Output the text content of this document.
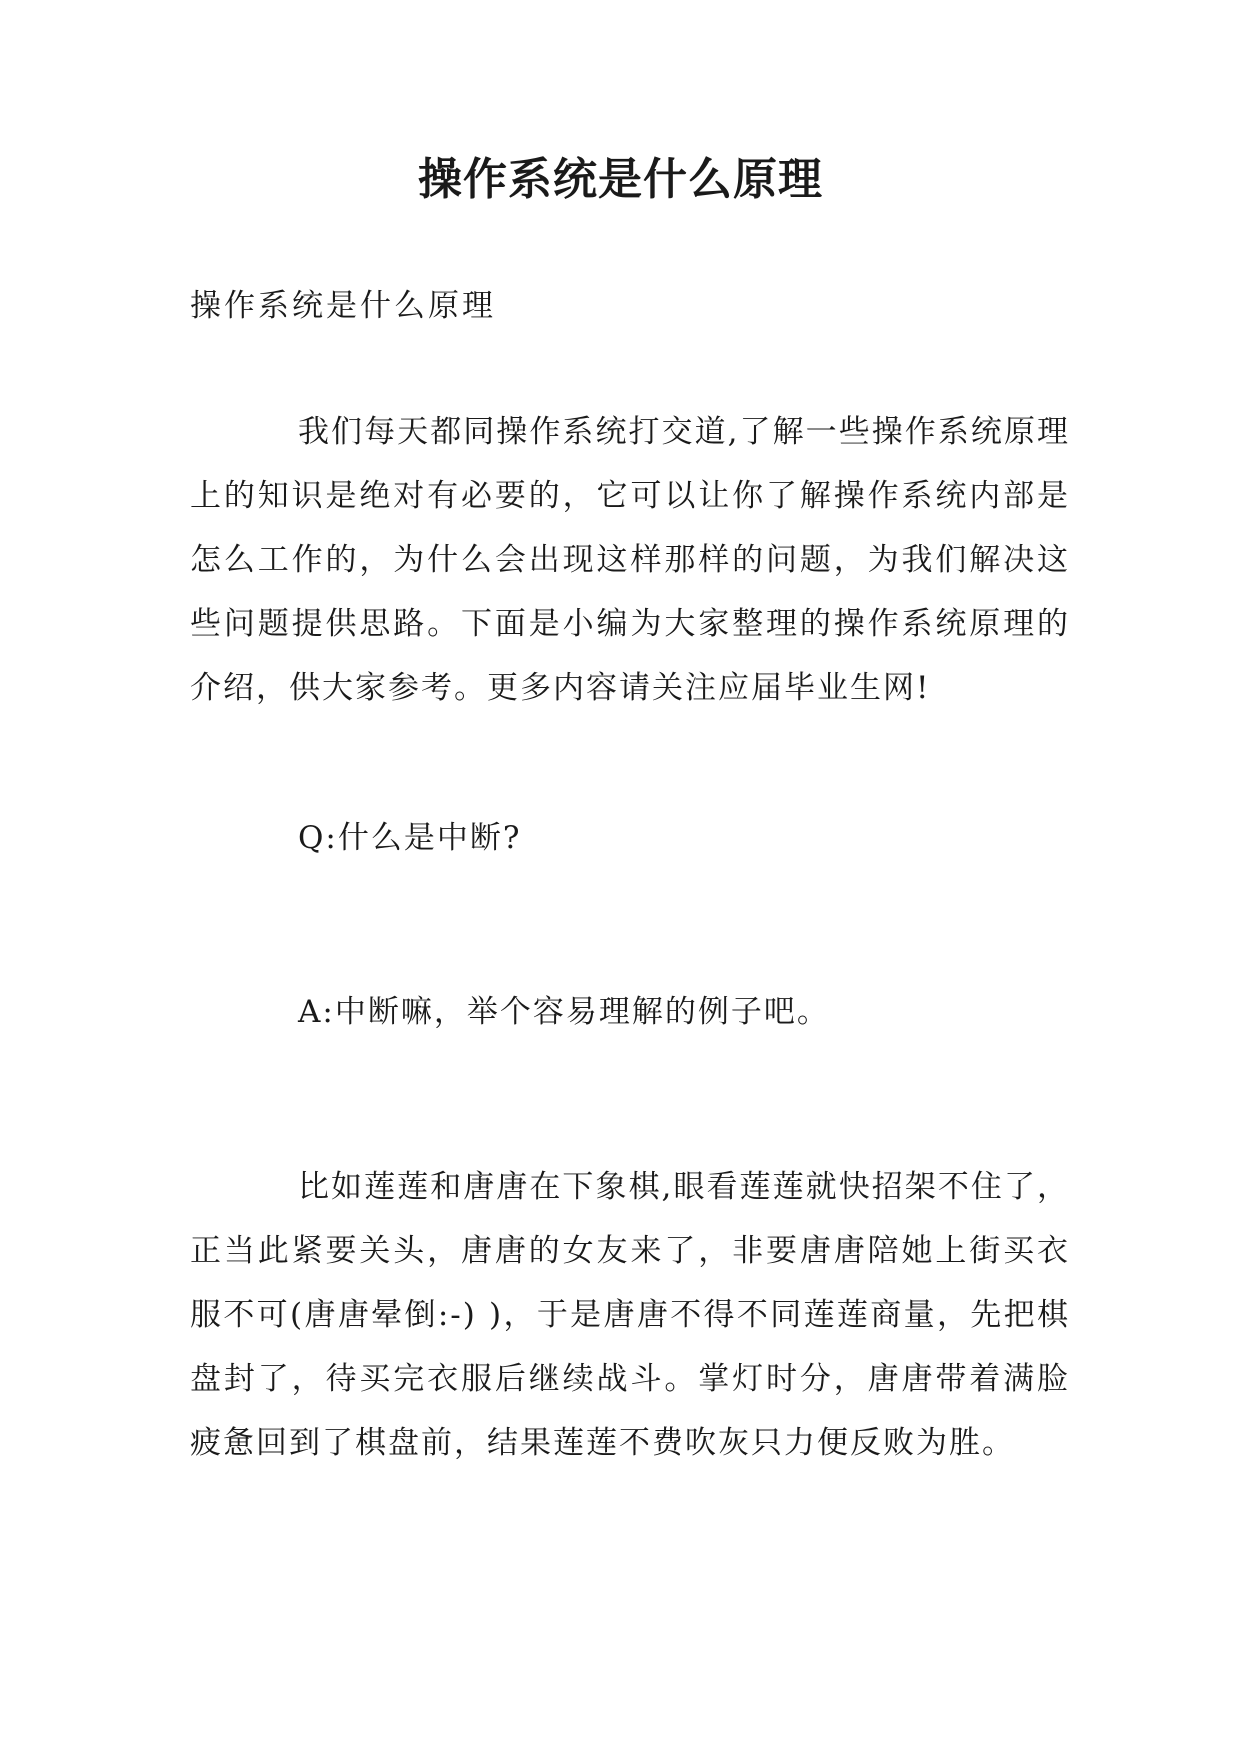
操作系统是什么原理

操作系统是什么原理

我们每天都同操作系统打交道,了解一些操作系统原理上的知识是绝对有必要的，它可以让你了解操作系统内部是怎么工作的，为什么会出现这样那样的问题，为我们解决这些问题提供思路。下面是小编为大家整理的操作系统原理的介绍，供大家参考。更多内容请关注应届毕业生网!

Q:什么是中断?

A:中断嘛，举个容易理解的例子吧。

比如莲莲和唐唐在下象棋,眼看莲莲就快招架不住了，正当此紧要关头，唐唐的女友来了，非要唐唐陪她上街买衣服不可(唐唐晕倒:-) )，于是唐唐不得不同莲莲商量，先把棋盘封了，待买完衣服后继续战斗。掌灯时分，唐唐带着满脸疲惫回到了棋盘前，结果莲莲不费吹灰只力便反败为胜。
